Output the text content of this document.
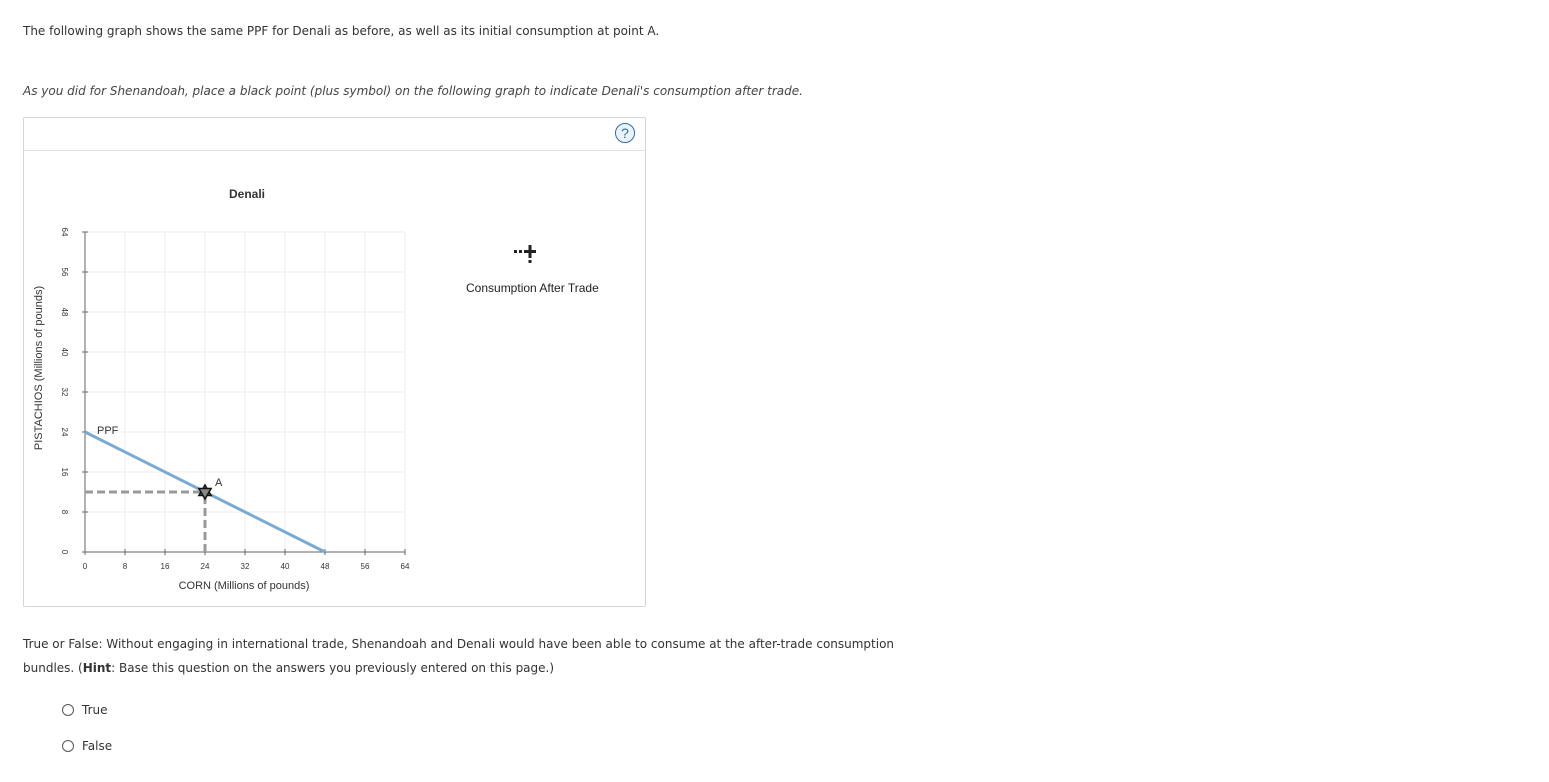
The following graph shows the same PPF for Denali as before, as well as its initial consumption at point A.

As you did for Shenandoah, place a black point (plus symbol) on the following graph to indicate Denali's consumption after trade.

?
Denali
0	8	16	24	32	40	48	56	64
0
8
16
24
32
40
48
56
64
PPF
A
CORN (Millions of pounds)
PISTACHIOS (Millions of pounds)	Consumption After Trade

True or False: Without engaging in international trade, Shenandoah and Denali would have been able to consume at the after-trade consumption bundles. (Hint: Base this question on the answers you previously entered on this page.)

True
False
